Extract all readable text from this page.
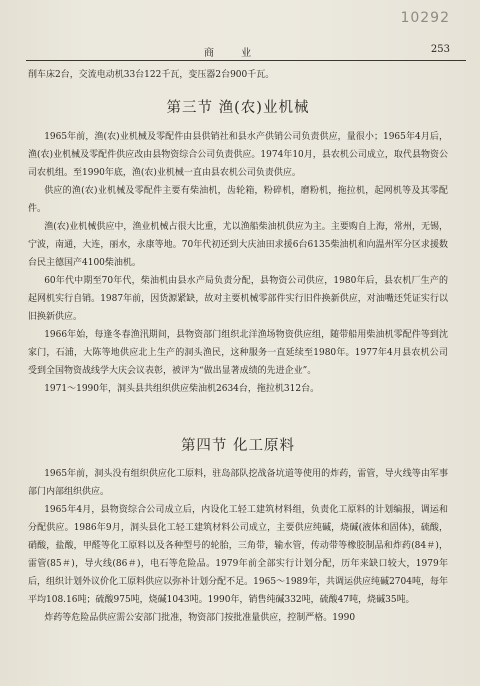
10292
商 业	253

削车床2台，交流电动机33台122千瓦，变压器2台900千瓦。

第三节 渔(农)业机械

1965年前，渔(农)业机械及零配件由县供销社和县水产供销公司负责供应，量很小；1965年4月后，渔(农)业机械及零配件供应改由县物资综合公司负责供应。1974年10月，县农机公司成立，取代县物资公司农机组。至1990年底，渔(农)业机械一直由县农机公司负责供应。

供应的渔(农)业机械及零配件主要有柴油机，齿轮箱，粉碎机，磨粉机，拖拉机，起网机等及其零配件。

渔(农)业机械供应中，渔业机械占很大比重，尤以渔船柴油机供应为主。主要购自上海，常州，无锡，宁波，南通，大连，丽水，永康等地。70年代初还到大庆油田求援6台6135柴油机和向温州军分区求援数台民主德国产4100柴油机。

60年代中期至70年代，柴油机由县水产局负责分配，县物资公司供应，1980年后，县农机厂生产的起网机实行自销。1987年前，因货源紧缺，故对主要机械零部件实行旧件换新供应，对油嘴还凭证实行以旧换新供应。

1966年始，每逢冬春渔汛期间，县物资部门组织北洋渔场物资供应组，随带船用柴油机零配件等到沈家门，石浦，大陈等地供应北上生产的洞头渔民，这种服务一直延续至1980年。1977年4月县农机公司受到全国物资战线学大庆会议表彰，被评为“做出显著成绩的先进企业”。

1971～1990年，洞头县共组织供应柴油机2634台，拖拉机312台。

第四节 化工原料

1965年前，洞头没有组织供应化工原料，驻岛部队挖战备坑道等使用的炸药，雷管，导火线等由军事部门内部组织供应。

1965年4月，县物资综合公司成立后，内设化工轻工建筑材料组，负责化工原料的计划编报，调运和分配供应。1986年9月，洞头县化工轻工建筑材料公司成立，主要供应纯碱，烧碱(液体和固体)，硫酸，硝酸，盐酸，甲醛等化工原料以及各种型号的轮胎，三角带，输水管，传动带等橡胶制品和炸药(84＃)，雷管(85＃)，导火线(86＃)，电石等危险品。1979年前全部实行计划分配，历年来缺口较大，1979年后，组织计划外议价化工原料供应以弥补计划分配不足。1965～1989年，共调运供应纯碱2704吨，每年平均108.16吨；硫酸975吨，烧碱1043吨。1990年，销售纯碱332吨，硫酸47吨，烧碱35吨。

炸药等危险品供应需公安部门批准，物资部门按批准量供应，控制严格。1990
